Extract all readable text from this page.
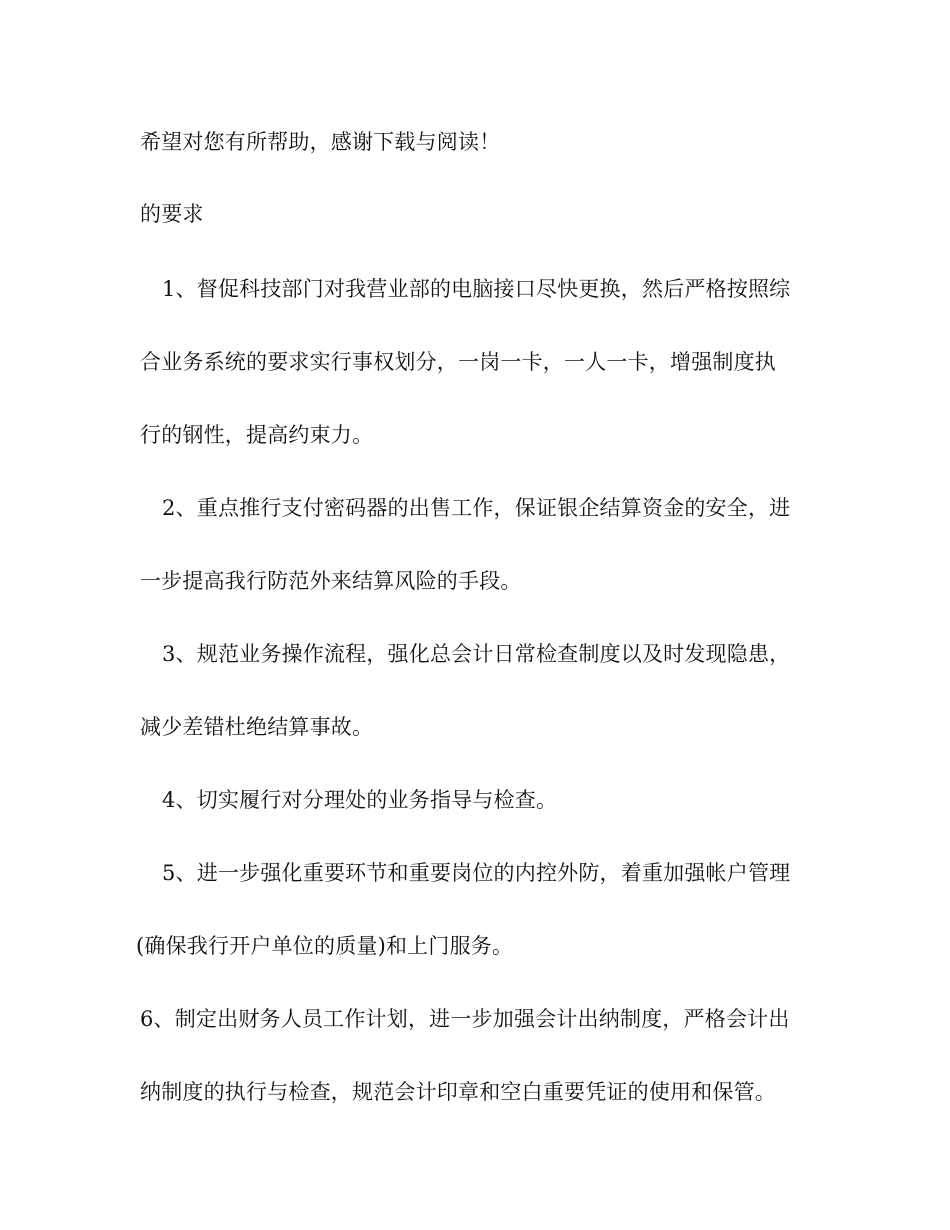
希望对您有所帮助，感谢下载与阅读！
的要求
1、督促科技部门对我营业部的电脑接口尽快更换，然后严格按照综
合业务系统的要求实行事权划分，一岗一卡，一人一卡，增强制度执
行的钢性，提高约束力。
2、重点推行支付密码器的出售工作，保证银企结算资金的安全，进
一步提高我行防范外来结算风险的手段。
3、规范业务操作流程，强化总会计日常检查制度以及时发现隐患，
减少差错杜绝结算事故。
4、切实履行对分理处的业务指导与检查。
5、进一步强化重要环节和重要岗位的内控外防，着重加强帐户管理
(确保我行开户单位的质量)和上门服务。
6、制定出财务人员工作计划，进一步加强会计出纳制度，严格会计出
纳制度的执行与检查，规范会计印章和空白重要凭证的使用和保管。
